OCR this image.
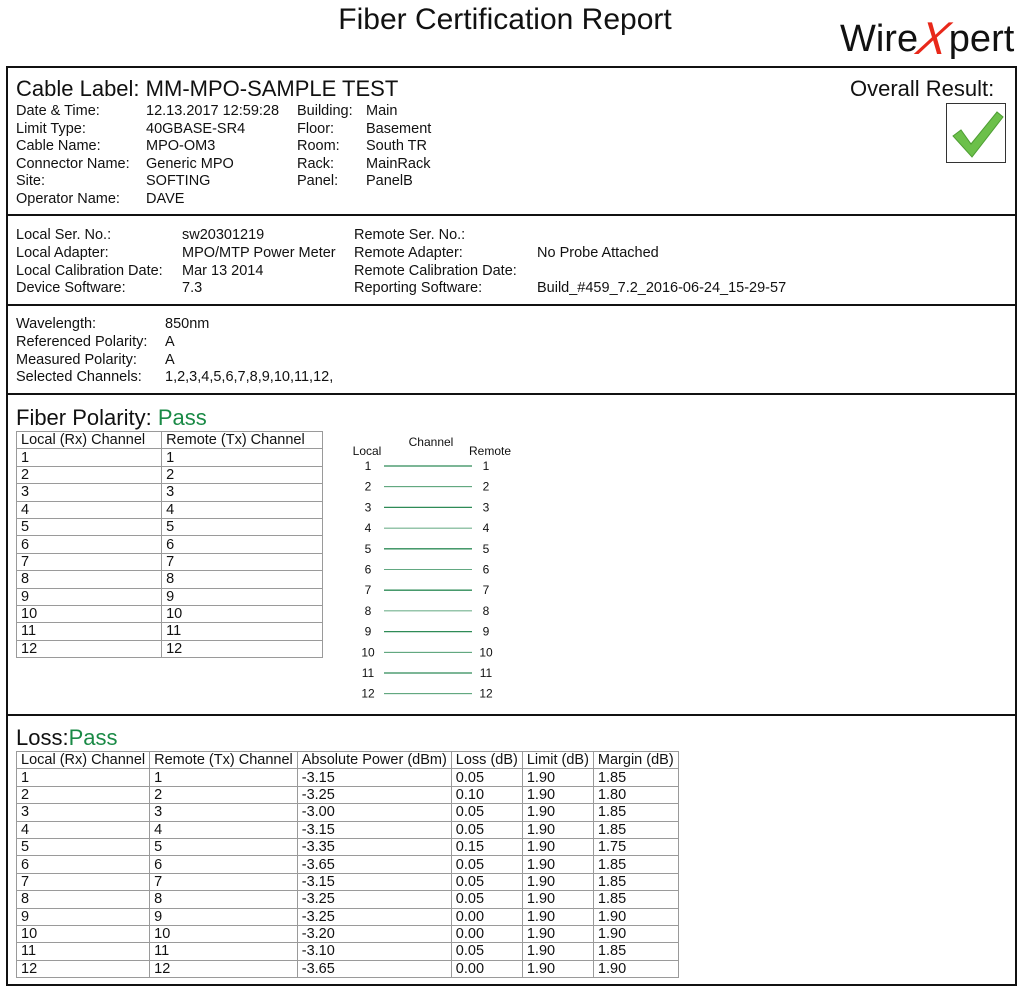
Fiber Certification Report	WireXpert
Cable Label: MM-MPO-SAMPLE TEST	Overall Result:
Date & Time:	12.13.2017 12:59:28
Limit Type:	40GBASE-SR4
Cable Name:	MPO-OM3
Connector Name: Generic MPO
Site:	SOFTING
Operator Name: DAVE
Building: Main
Floor: Basement
Room: South TR
Rack: MainRack
Panel: PanelB
Local Ser. No.:	sw20301219
Local Adapter:	MPO/MTP Power Meter
Local Calibration Date: Mar 13 2014
Device Software:	7.3
Remote Ser. No.:
Remote Adapter:	No Probe Attached
Remote Calibration Date:
Reporting Software:	Build_#459_7.2_2016-06-24_15-29-57
Wavelength:	850nm
Referenced Polarity: A
Measured Polarity: A
Selected Channels: 1,2,3,4,5,6,7,8,9,10,11,12,
Fiber Polarity: Pass
Local (Rx) Channel	Remote (Tx) Channel
1	1
2	2
3	3
4	4
5	5
6	6
7	7
8	8
9	9
10	10
11	11
12	12
Local
Channel
Remote
1	1
2	2
3	3
4	4
5	5
6	6
7	7
8	8
9	9
10	10
11	11
12	12
Loss:Pass
Local (Rx) Channel	Remote (Tx) Channel	Absolute Power (dBm)	Loss (dB)	Limit (dB)	Margin (dB)
1	1	-3.15	0.05	1.90	1.85
2	2	-3.25	0.10	1.90	1.80
3	3	-3.00	0.05	1.90	1.85
4	4	-3.15	0.05	1.90	1.85
5	5	-3.35	0.15	1.90	1.75
6	6	-3.65	0.05	1.90	1.85
7	7	-3.15	0.05	1.90	1.85
8	8	-3.25	0.05	1.90	1.85
9	9	-3.25	0.00	1.90	1.90
10	10	-3.20	0.00	1.90	1.90
11	11	-3.10	0.05	1.90	1.85
12	12	-3.65	0.00	1.90	1.90
